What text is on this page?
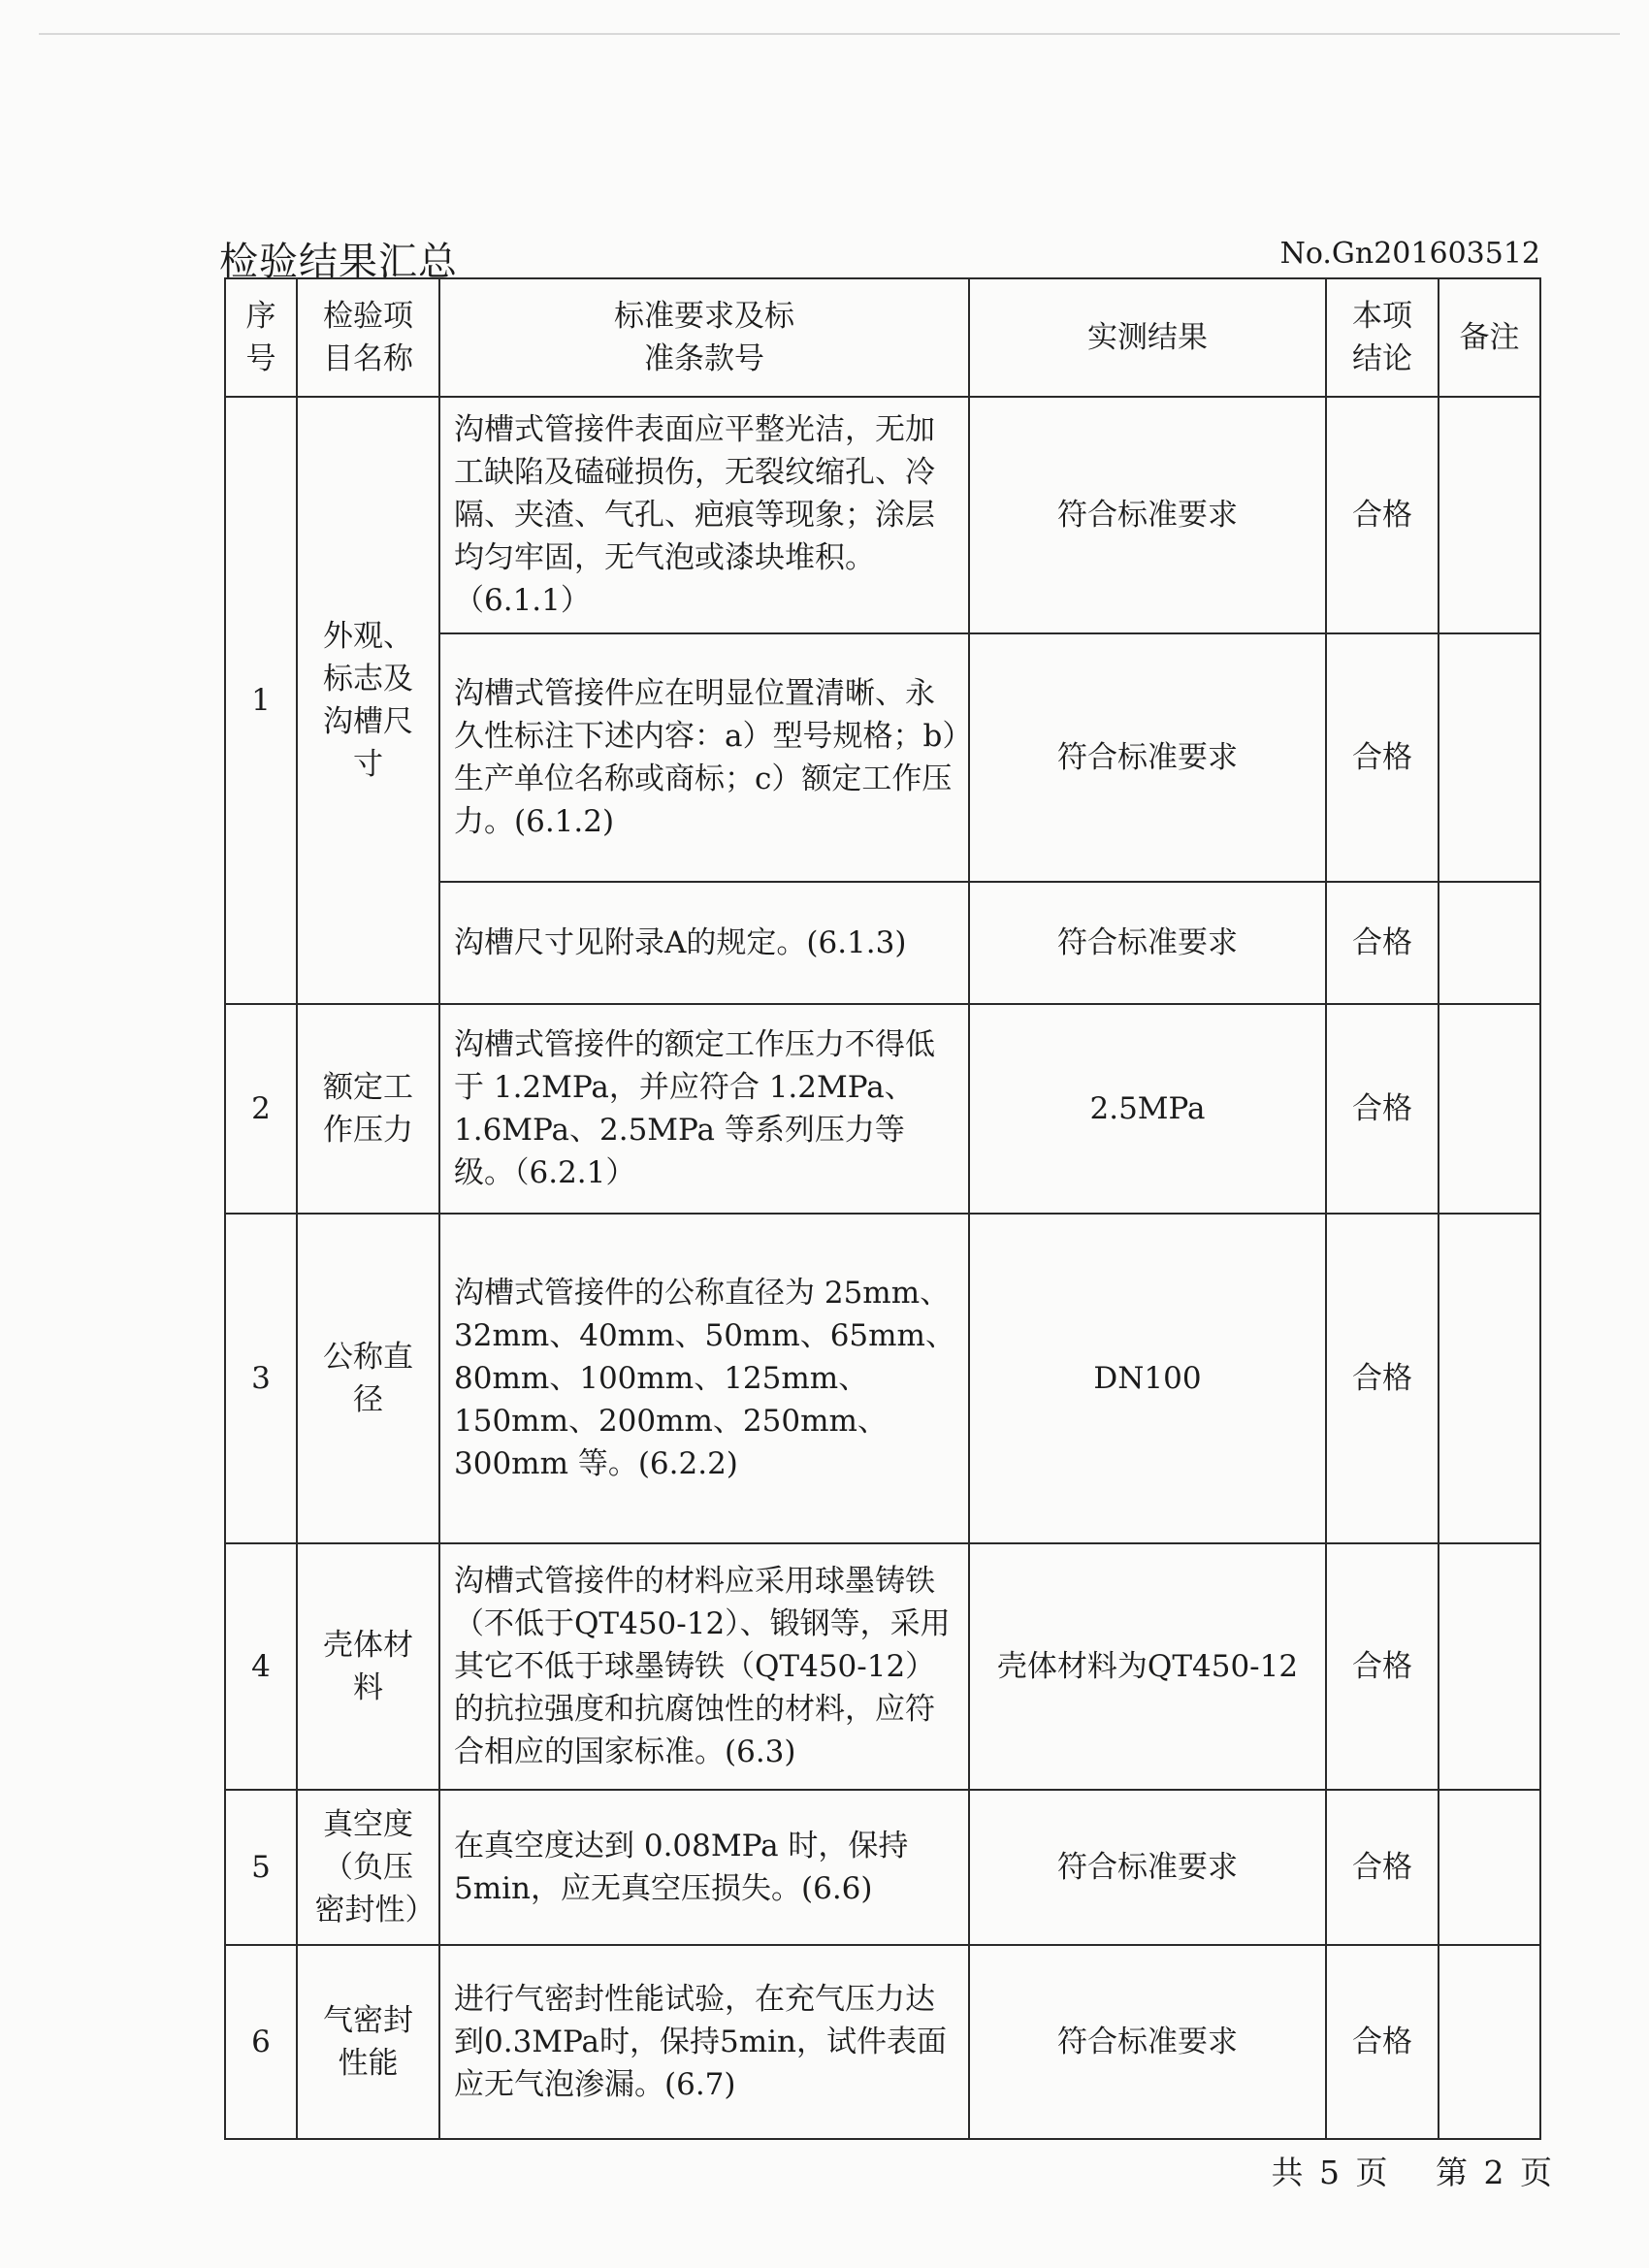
检验结果汇总	No.Gn201603512
序号	检验项目名称	标准要求及标准条款号	实测结果	本项结论	备注
1	外观、标志及沟槽尺寸	沟槽式管接件表面应平整光洁，无加工缺陷及磕碰损伤，无裂纹缩孔、冷隔、夹渣、气孔、疤痕等现象；涂层均匀牢固，无气泡或漆块堆积。（6.1.1）	符合标准要求	合格	
		沟槽式管接件应在明显位置清晰、永久性标注下述内容：a）型号规格；b）生产单位名称或商标；c）额定工作压力。(6.1.2)	符合标准要求	合格	
		沟槽尺寸见附录A的规定。(6.1.3)	符合标准要求	合格	
2	额定工作压力	沟槽式管接件的额定工作压力不得低于 1.2MPa，并应符合 1.2MPa、1.6MPa、2.5MPa 等系列压力等级。（6.2.1）	2.5MPa	合格	
3	公称直径	沟槽式管接件的公称直径为 25mm、32mm、40mm、50mm、65mm、80mm、100mm、125mm、150mm、200mm、250mm、300mm 等。(6.2.2)	DN100	合格	
4	壳体材料	沟槽式管接件的材料应采用球墨铸铁（不低于QT450-12）、锻钢等，采用其它不低于球墨铸铁（QT450-12）的抗拉强度和抗腐蚀性的材料，应符合相应的国家标准。(6.3)	壳体材料为QT450-12	合格	
5	真空度（负压密封性）	在真空度达到 0.08MPa 时，保持5min，应无真空压损失。(6.6)	符合标准要求	合格	
6	气密封性能	进行气密封性能试验，在充气压力达到0.3MPa时，保持5min，试件表面应无气泡渗漏。(6.7)	符合标准要求	合格	
共 5 页 第 2 页
